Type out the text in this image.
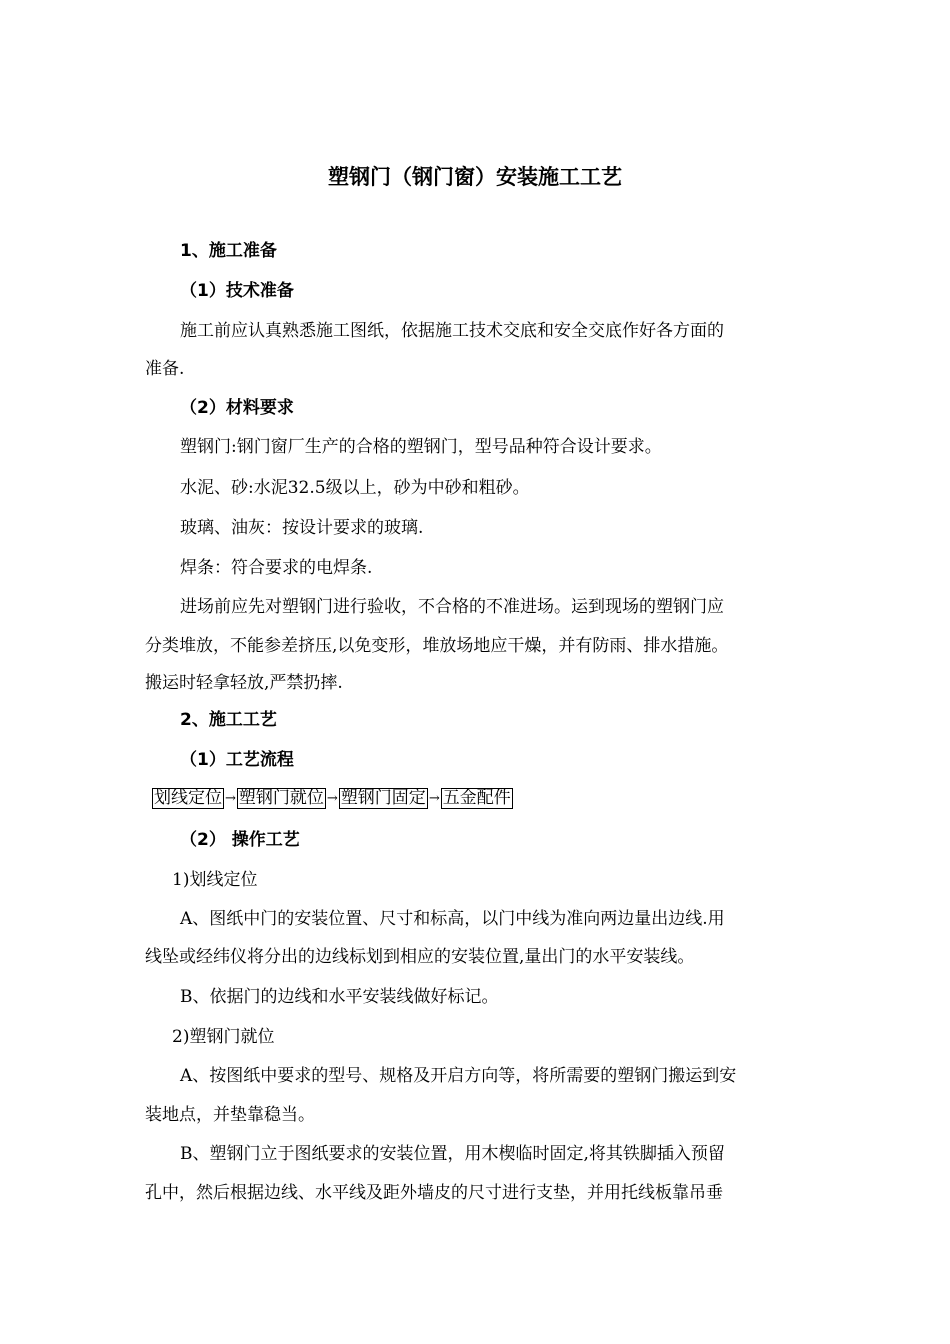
塑钢门（钢门窗）安装施工工艺
1、施工准备
（1）技术准备
施工前应认真熟悉施工图纸，依据施工技术交底和安全交底作好各方面的
准备.
（2）材料要求
塑钢门:钢门窗厂生产的合格的塑钢门，型号品种符合设计要求。
水泥、砂:水泥32.5级以上，砂为中砂和粗砂。
玻璃、油灰：按设计要求的玻璃.
焊条：符合要求的电焊条.
进场前应先对塑钢门进行验收，不合格的不准进场。运到现场的塑钢门应
分类堆放，不能参差挤压,以免变形，堆放场地应干燥，并有防雨、排水措施。
搬运时轻拿轻放,严禁扔摔.
2、施工工艺
（1）工艺流程
划线定位 → 塑钢门就位 → 塑钢门固定 → 五金配件
（2） 操作工艺
1)划线定位
A、图纸中门的安装位置、尺寸和标高，以门中线为准向两边量出边线.用
线坠或经纬仪将分出的边线标划到相应的安装位置,量出门的水平安装线。
B、依据门的边线和水平安装线做好标记。
2)塑钢门就位
A、按图纸中要求的型号、规格及开启方向等，将所需要的塑钢门搬运到安
装地点，并垫靠稳当。
B、塑钢门立于图纸要求的安装位置，用木楔临时固定,将其铁脚插入预留
孔中，然后根据边线、水平线及距外墙皮的尺寸进行支垫，并用托线板靠吊垂
